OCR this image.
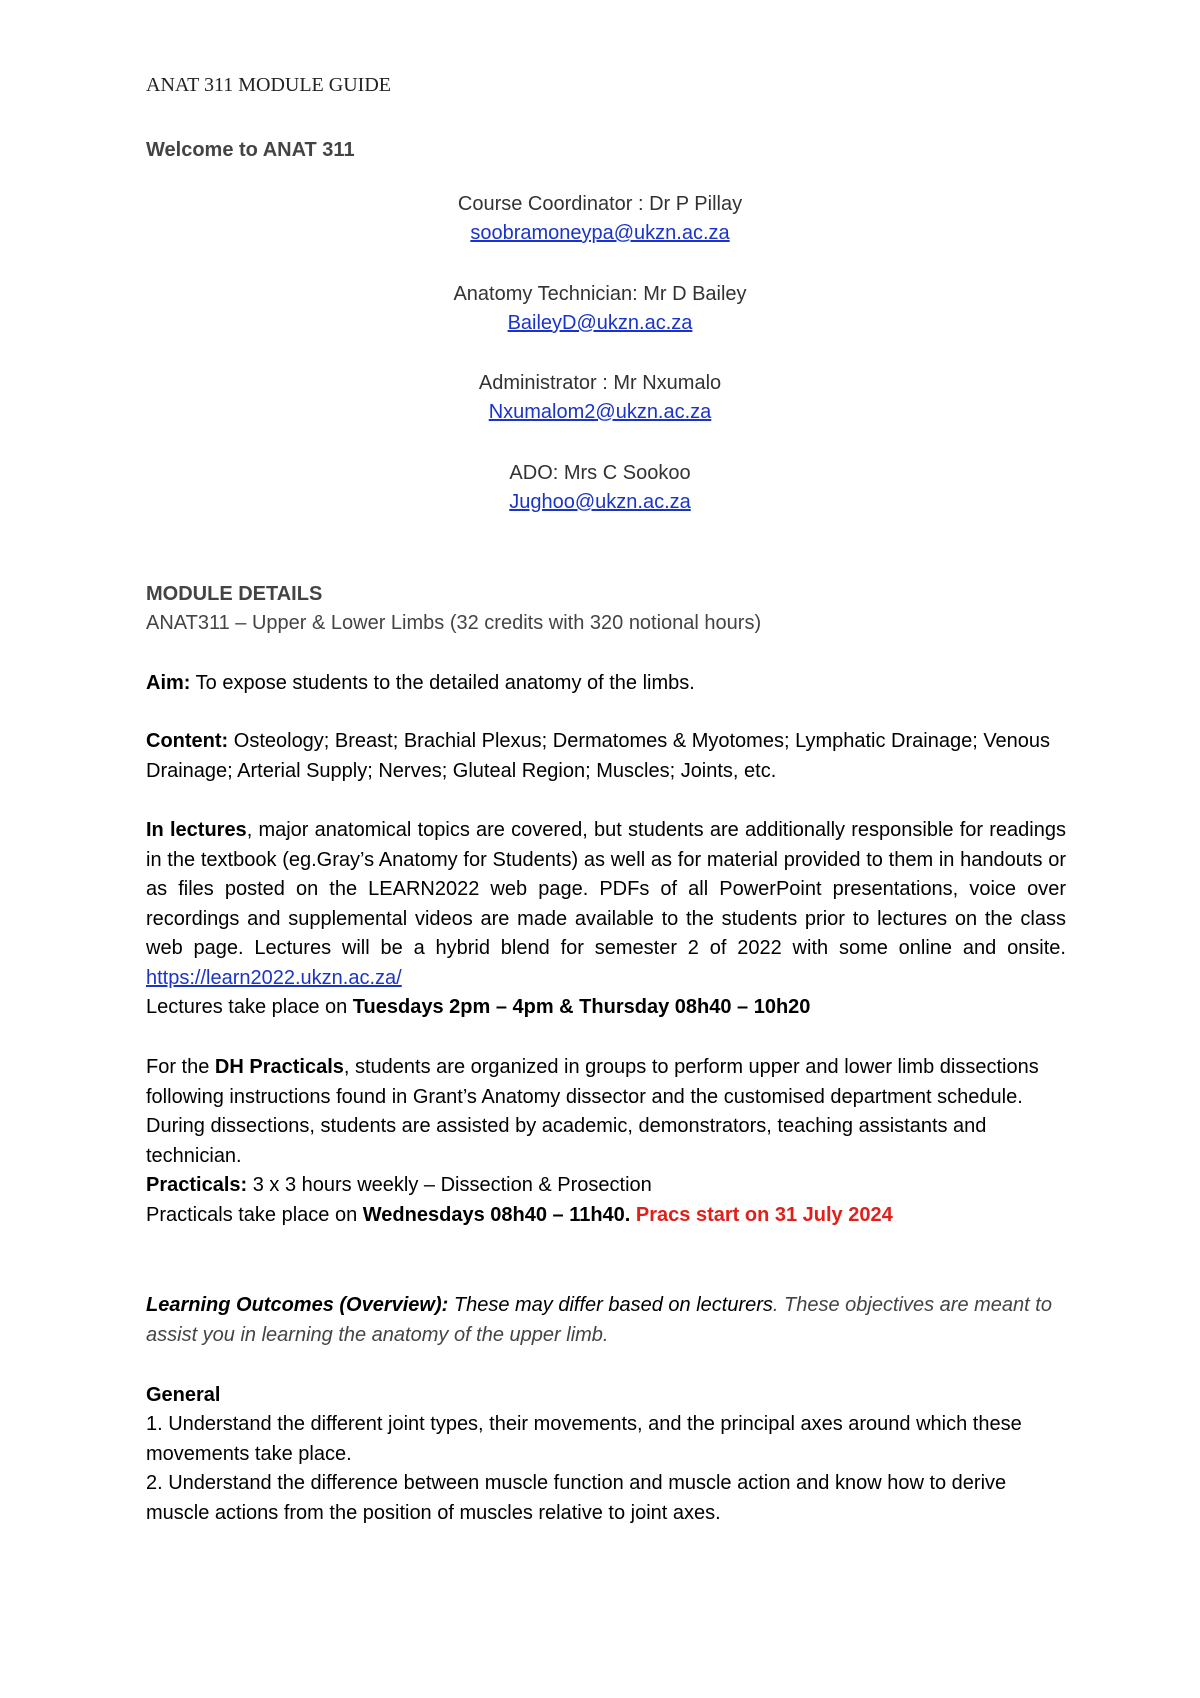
ANAT 311 MODULE GUIDE
Welcome to ANAT 311
Course Coordinator : Dr P Pillay
soobramoneypa@ukzn.ac.za
Anatomy Technician: Mr D Bailey
BaileyD@ukzn.ac.za
Administrator : Mr Nxumalo
Nxumalom2@ukzn.ac.za
ADO: Mrs C Sookoo
Jughoo@ukzn.ac.za
MODULE DETAILS
ANAT311 – Upper & Lower Limbs (32 credits with 320 notional hours)
Aim: To expose students to the detailed anatomy of the limbs.
Content: Osteology; Breast; Brachial Plexus; Dermatomes & Myotomes; Lymphatic Drainage; Venous Drainage; Arterial Supply; Nerves; Gluteal Region; Muscles; Joints, etc.
In lectures, major anatomical topics are covered, but students are additionally responsible for readings in the textbook (eg.Gray’s Anatomy for Students) as well as for material provided to them in handouts or as files posted on the LEARN2022 web page. PDFs of all PowerPoint presentations, voice over recordings and supplemental videos are made available to the students prior to lectures on the class web page. Lectures will be a hybrid blend for semester 2 of 2022 with some online and onsite. https://learn2022.ukzn.ac.za/
Lectures take place on Tuesdays 2pm – 4pm & Thursday 08h40 – 10h20
For the DH Practicals, students are organized in groups to perform upper and lower limb dissections following instructions found in Grant’s Anatomy dissector and the customised department schedule. During dissections, students are assisted by academic, demonstrators, teaching assistants and technician.
Practicals: 3 x 3 hours weekly – Dissection & Prosection
Practicals take place on Wednesdays 08h40 – 11h40. Pracs start on 31 July 2024
Learning Outcomes (Overview): These may differ based on lecturers. These objectives are meant to assist you in learning the anatomy of the upper limb.
General
1. Understand the different joint types, their movements, and the principal axes around which these movements take place.
2. Understand the difference between muscle function and muscle action and know how to derive muscle actions from the position of muscles relative to joint axes.
